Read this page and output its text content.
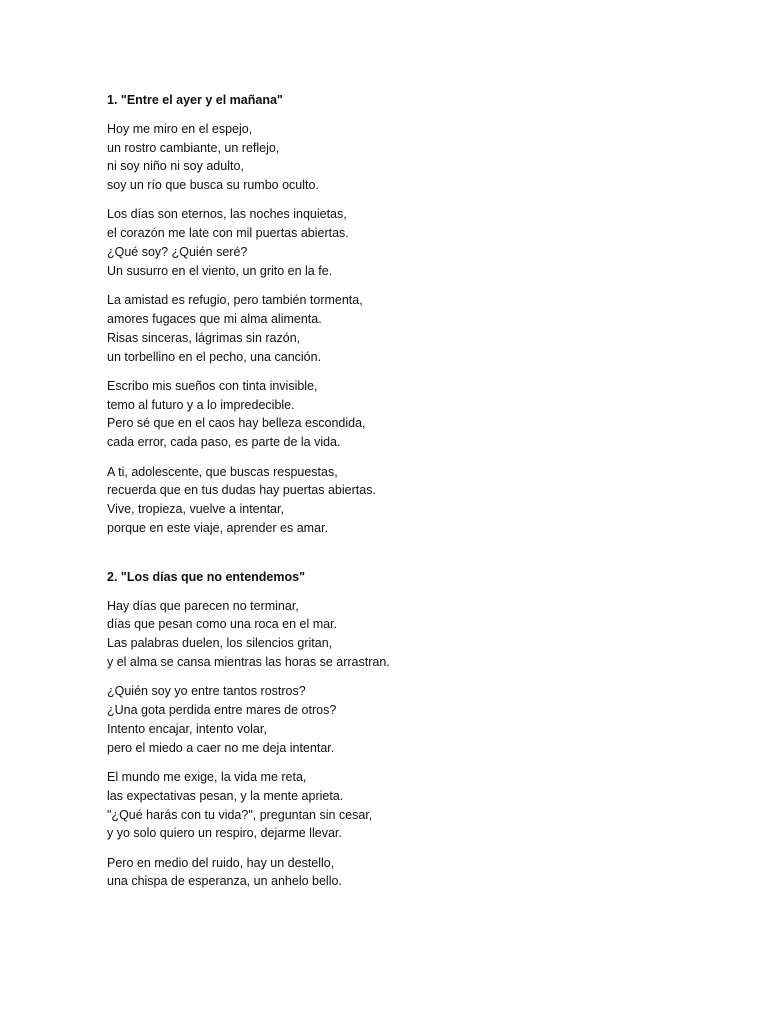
1. "Entre el ayer y el mañana"
Hoy me miro en el espejo,
un rostro cambiante, un reflejo,
ni soy niño ni soy adulto,
soy un río que busca su rumbo oculto.
Los días son eternos, las noches inquietas,
el corazón me late con mil puertas abiertas.
¿Qué soy? ¿Quién seré?
Un susurro en el viento, un grito en la fe.
La amistad es refugio, pero también tormenta,
amores fugaces que mi alma alimenta.
Risas sinceras, lágrimas sin razón,
un torbellino en el pecho, una canción.
Escribo mis sueños con tinta invisible,
temo al futuro y a lo impredecible.
Pero sé que en el caos hay belleza escondida,
cada error, cada paso, es parte de la vida.
A ti, adolescente, que buscas respuestas,
recuerda que en tus dudas hay puertas abiertas.
Vive, tropieza, vuelve a intentar,
porque en este viaje, aprender es amar.
2. "Los días que no entendemos"
Hay días que parecen no terminar,
días que pesan como una roca en el mar.
Las palabras duelen, los silencios gritan,
y el alma se cansa mientras las horas se arrastran.
¿Quién soy yo entre tantos rostros?
¿Una gota perdida entre mares de otros?
Intento encajar, intento volar,
pero el miedo a caer no me deja intentar.
El mundo me exige, la vida me reta,
las expectativas pesan, y la mente aprieta.
"¿Qué harás con tu vida?", preguntan sin cesar,
y yo solo quiero un respiro, dejarme llevar.
Pero en medio del ruido, hay un destello,
una chispa de esperanza, un anhelo bello.
